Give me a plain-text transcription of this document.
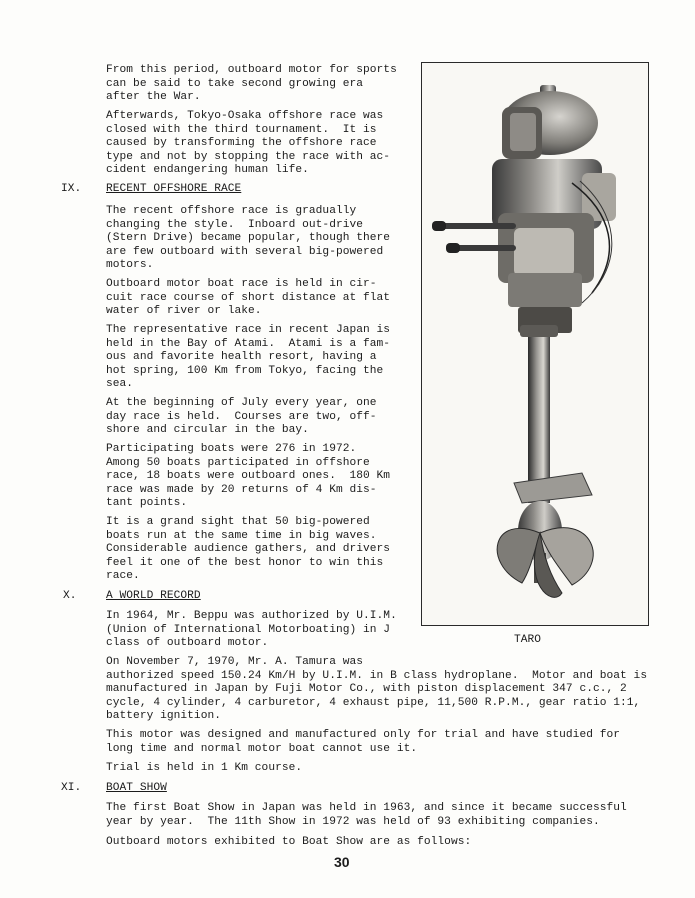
From this period, outboard motor for sports
can be said to take second growing era
after the War.
Afterwards, Tokyo-Osaka offshore race was
closed with the third tournament.  It is
caused by transforming the offshore race
type and not by stopping the race with ac-
cident endangering human life.
IX. RECENT OFFSHORE RACE
The recent offshore race is gradually
changing the style.  Inboard out-drive
(Stern Drive) became popular, though there
are few outboard with several big-powered
motors.
Outboard motor boat race is held in cir-
cuit race course of short distance at flat
water of river or lake.
The representative race in recent Japan is
held in the Bay of Atami.  Atami is a fam-
ous and favorite health resort, having a
hot spring, 100 Km from Tokyo, facing the
sea.
At the beginning of July every year, one
day race is held.  Courses are two, off-
shore and circular in the bay.
Participating boats were 276 in 1972.
Among 50 boats participated in offshore
race, 18 boats were outboard ones.  180 Km
race was made by 20 returns of 4 Km dis-
tant points.
It is a grand sight that 50 big-powered
boats run at the same time in big waves.
Considerable audience gathers, and drivers
feel it one of the best honor to win this
race.
X.	A WORLD RECORD
In 1964, Mr. Beppu was authorized by U.I.M.
(Union of International Motorboating) in J
class of outboard motor.
On November 7, 1970, Mr. A. Tamura was
authorized speed 150.24 Km/H by U.I.M. in B class hydroplane.  Motor and boat is
manufactured in Japan by Fuji Motor Co., with piston displacement 347 c.c., 2
cycle, 4 cylinder, 4 carburetor, 4 exhaust pipe, 11,500 R.P.M., gear ratio 1:1,
battery ignition.
This motor was designed and manufactured only for trial and have studied for
long time and normal motor boat cannot use it.
Trial is held in 1 Km course.
XI. BOAT SHOW
The first Boat Show in Japan was held in 1963, and since it became successful
year by year.  The 11th Show in 1972 was held of 93 exhibiting companies.
Outboard motors exhibited to Boat Show are as follows:
TARO
30
